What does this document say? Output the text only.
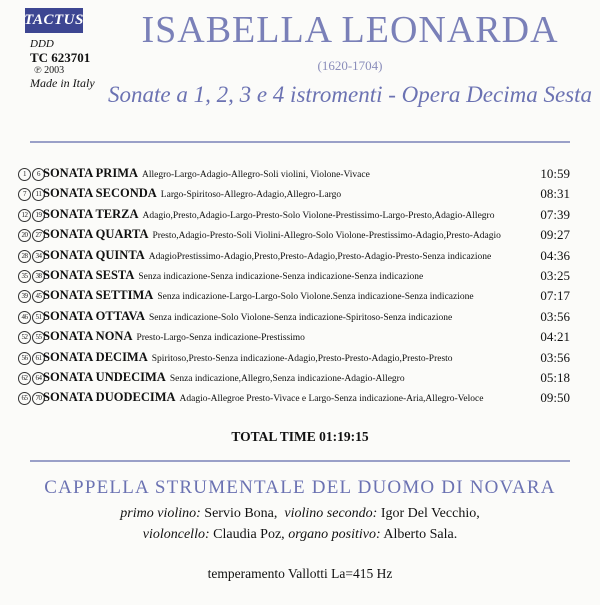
TACTUS
DDD
TC 623701
℗ 2003
Made in Italy
ISABELLA LEONARDA
(1620-1704)
Sonate a 1, 2, 3 e 4 istromenti - Opera Decima Sesta
1 6 SONATA PRIMA Allegro-Largo-Adagio-Allegro-Soli violini, Violone-Vivace	10:59
7 11 SONATA SECONDA Largo-Spiritoso-Allegro-Adagio,Allegro-Largo	08:31
12 19 SONATA TERZA Adagio,Presto,Adagio-Largo-Presto-Solo Violone-Prestissimo-Largo-Presto,Adagio-Allegro	07:39
20 27 SONATA QUARTA Presto,Adagio-Presto-Soli Violini-Allegro-Solo Violone-Prestissimo-Adagio,Presto-Adagio	09:27
28 34 SONATA QUINTA AdagioPrestissimo-Adagio,Presto,Presto-Adagio,Presto-Adagio-Presto-Senza indicazione	04:36
35 38 SONATA SESTA Senza indicazione-Senza indicazione-Senza indicazione-Senza indicazione	03:25
39 45 SONATA SETTIMA Senza indicazione-Largo-Largo-Solo Violone.Senza indicazione-Senza indicazione	07:17
46 51 SONATA OTTAVA Senza indicazione-Solo Violone-Senza indicazione-Spiritoso-Senza indicazione	03:56
52 55 SONATA NONA Presto-Largo-Senza indicazione-Prestissimo	04:21
56 61 SONATA DECIMA Spiritoso,Presto-Senza indicazione-Adagio,Presto-Presto-Adagio,Presto-Presto	03:56
62 64 SONATA UNDECIMA Senza indicazione,Allegro,Senza indicazione-Adagio-Allegro	05:18
65 70 SONATA DUODECIMA Adagio-Allegroe Presto-Vivace e Largo-Senza indicazione-Aria,Allegro-Veloce	09:50
TOTAL TIME 01:19:15
CAPPELLA STRUMENTALE DEL DUOMO DI NOVARA
primo violino: Servio Bona, violino secondo: Igor Del Vecchio,
violoncello: Claudia Poz, organo positivo: Alberto Sala.
temperamento Vallotti La=415 Hz
